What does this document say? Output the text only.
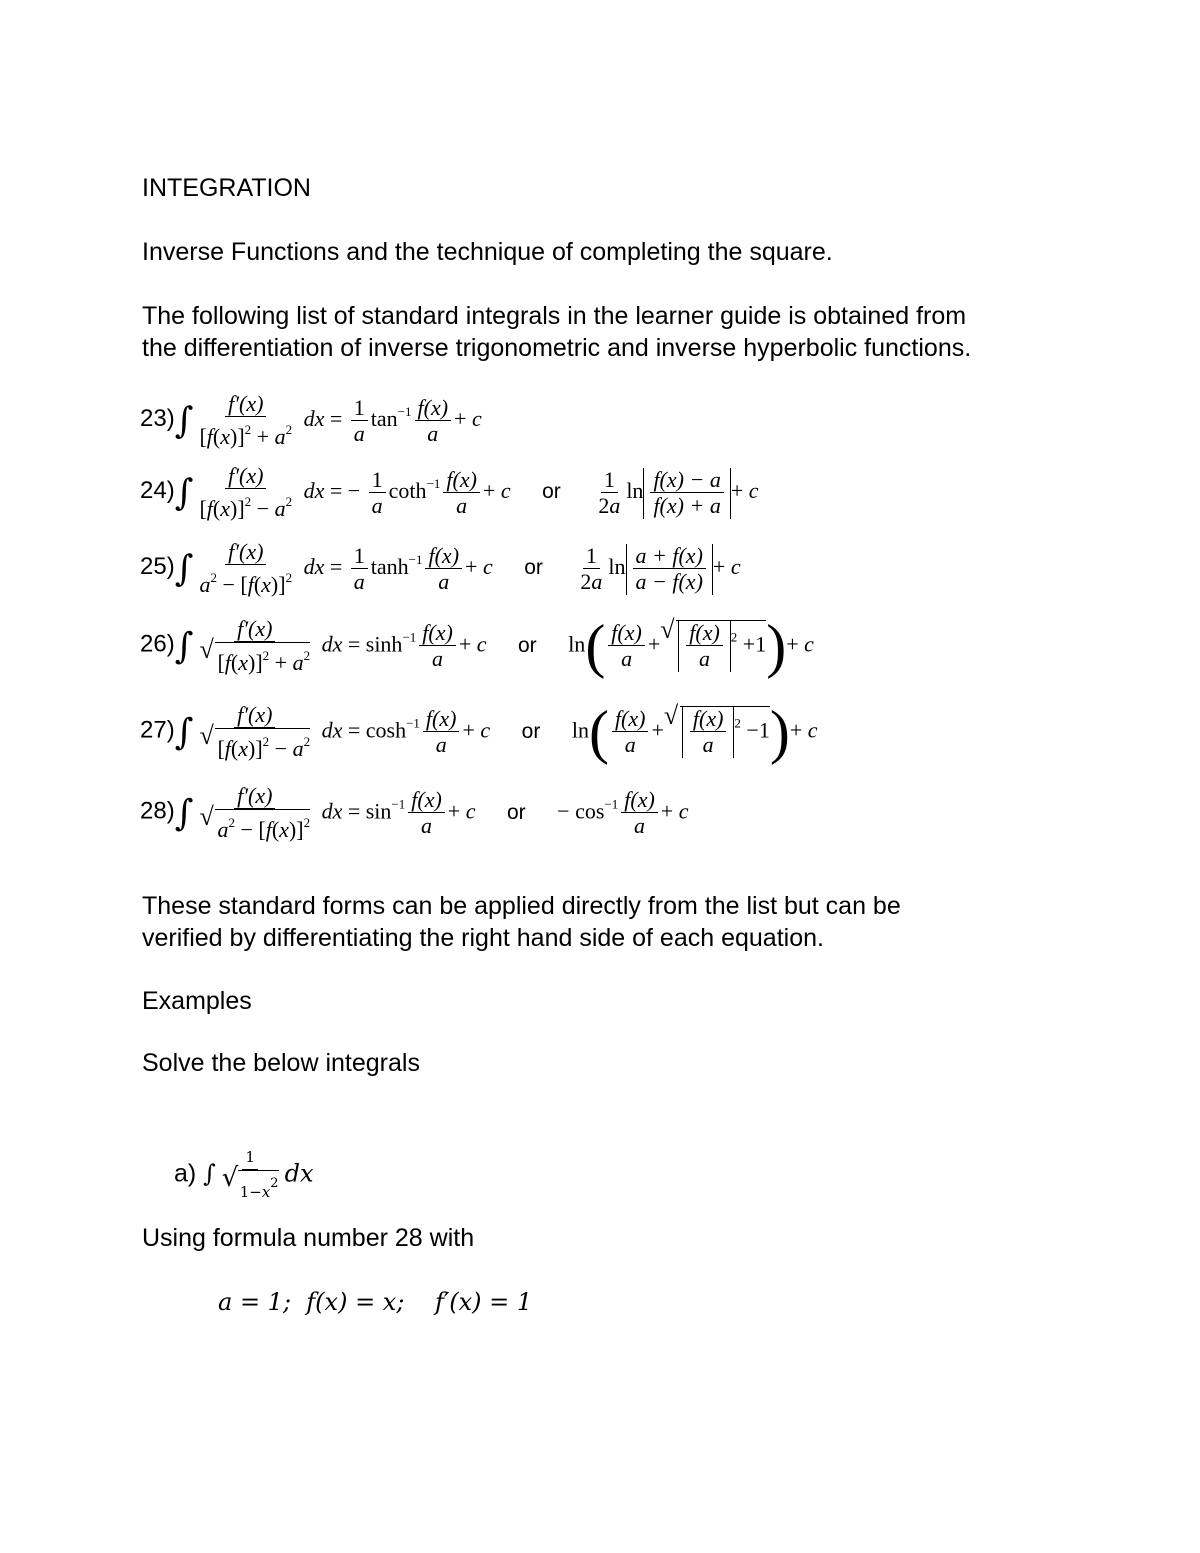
INTEGRATION
Inverse Functions and the technique of completing the square.
The following list of standard integrals in the learner guide is obtained from
the differentiation of inverse trigonometric and inverse hyperbolic functions.
$23)\int \frac{f'(x)}{[f(x)]^2 + a^2}$ dx = $\frac{1}{a} \tan^{-1} \frac{f(x)}{a} + c$
$24)\int \frac{f'(x)}{[f(x)]^2 - a^2}$ dx = − $\frac{1}{a} \cot h^{-1} \frac{f(x)}{a} + c$ or $\frac{1}{2a}$ $\ln \frac{f(x) - a}{f(x) + a} + c$
$25)\int \frac{f'(x)}{a^2 - [f(x)]^2}$ dx = $\frac{1}{a} \tanh^{-1} \frac{f(x)}{a} + c$ or $\frac{1}{2a}$ $\ln \frac{a + f(x)}{a - f(x)} + c$
26)∫ f′(x)
√ $[f(x)]^2 + a^2$ dx = $\sinh^{-1} \frac{f(x)}{a} + c$ or $\ln( \frac{f(x)}{a}$ + √ $\frac{f(x)}{a} ^2 +1)+ c$
27)∫ f′(x)
√ $[f(x)]^2 - a^2$ dx = $\cosh^{-1} \frac{f(x)}{a} + c$ or $\ln( \frac{f(x)}{a}$ + √ $\frac{f(x)}{a} ^2 -1)+ c$
28)∫ f′(x)
√ $a^2 - [f(x)]^2$ dx = $\sin^{-1} \frac{f(x)}{a} + c$ or − $\cos^{-1} \frac{f(x)}{a} + c$
These standard forms can be applied directly from the list but can be
verified by differentiating the right hand side of each equation.
Examples
Solve the below integrals
a) ∫ 1
√ 1−x2 dx
Using formula number 28 with
a = 1;  f(x) = x;    f′(x) = 1
